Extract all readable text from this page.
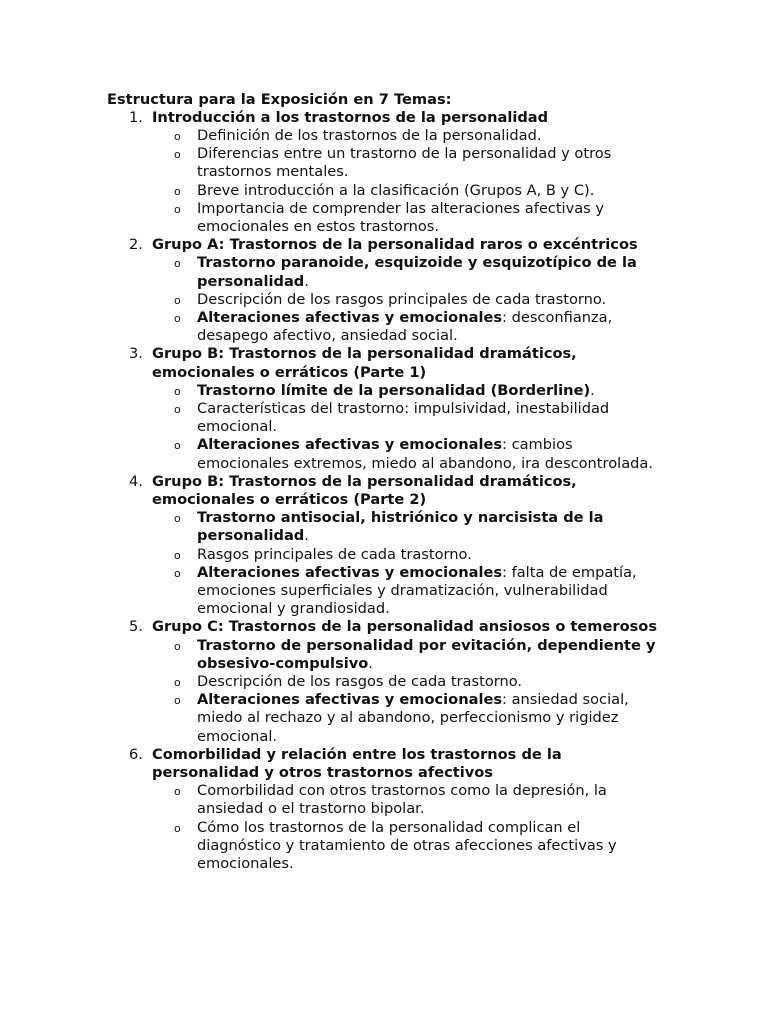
Estructura para la Exposición en 7 Temas:

1. Introducción a los trastornos de la personalidad
o Definición de los trastornos de la personalidad.
o Diferencias entre un trastorno de la personalidad y otros trastornos mentales.
o Breve introducción a la clasificación (Grupos A, B y C).
o Importancia de comprender las alteraciones afectivas y emocionales en estos trastornos.
2. Grupo A: Trastornos de la personalidad raros o excéntricos
o Trastorno paranoide, esquizoide y esquizotípico de la personalidad.
o Descripción de los rasgos principales de cada trastorno.
o Alteraciones afectivas y emocionales: desconfianza, desapego afectivo, ansiedad social.
3. Grupo B: Trastornos de la personalidad dramáticos, emocionales o erráticos (Parte 1)
o Trastorno límite de la personalidad (Borderline).
o Características del trastorno: impulsividad, inestabilidad emocional.
o Alteraciones afectivas y emocionales: cambios emocionales extremos, miedo al abandono, ira descontrolada.
4. Grupo B: Trastornos de la personalidad dramáticos, emocionales o erráticos (Parte 2)
o Trastorno antisocial, histriónico y narcisista de la personalidad.
o Rasgos principales de cada trastorno.
o Alteraciones afectivas y emocionales: falta de empatía, emociones superficiales y dramatización, vulnerabilidad emocional y grandiosidad.
5. Grupo C: Trastornos de la personalidad ansiosos o temerosos
o Trastorno de personalidad por evitación, dependiente y obsesivo-compulsivo.
o Descripción de los rasgos de cada trastorno.
o Alteraciones afectivas y emocionales: ansiedad social, miedo al rechazo y al abandono, perfeccionismo y rigidez emocional.
6. Comorbilidad y relación entre los trastornos de la personalidad y otros trastornos afectivos
o Comorbilidad con otros trastornos como la depresión, la ansiedad o el trastorno bipolar.
o Cómo los trastornos de la personalidad complican el diagnóstico y tratamiento de otras afecciones afectivas y emocionales.
